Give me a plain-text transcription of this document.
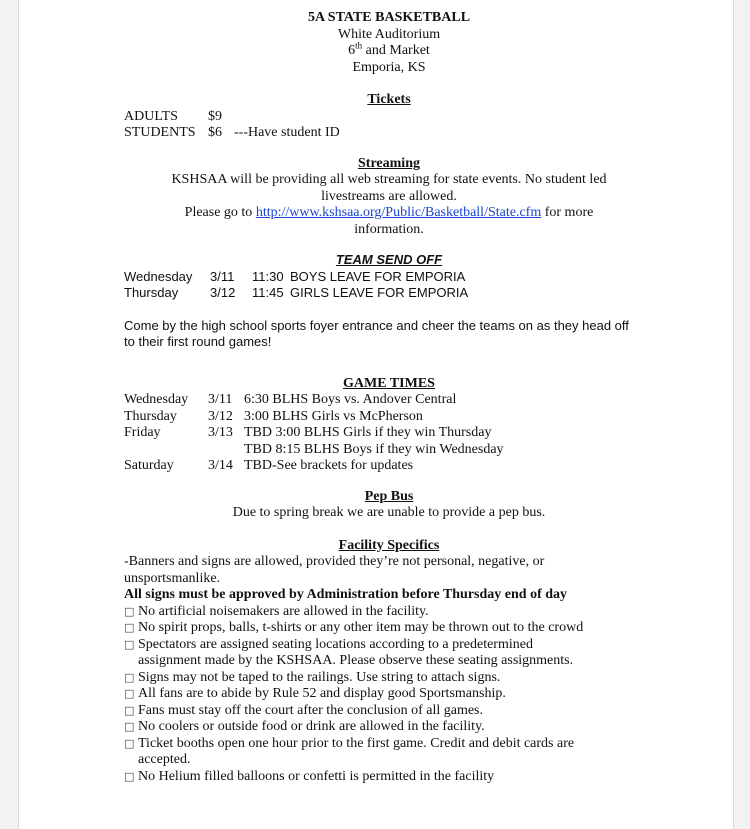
5A STATE BASKETBALL
White Auditorium
6th and Market
Emporia, KS
Tickets
ADULTS	$9
STUDENTS $6 ---Have student ID
Streaming
KSHSAA will be providing all web streaming for state events. No student led livestreams are allowed.
Please go to http://www.kshsaa.org/Public/Basketball/State.cfm for more information.
TEAM SEND OFF
Wednesday	3/11	11:30 BOYS LEAVE FOR EMPORIA
Thursday	3/12	11:45 GIRLS LEAVE FOR EMPORIA
Come by the high school sports foyer entrance and cheer the teams on as they head off to their first round games!
GAME TIMES
Wednesday	3/11 6:30 BLHS Boys vs. Andover Central
Thursday	3/12 3:00 BLHS Girls vs McPherson
Friday	3/13 TBD 3:00 BLHS Girls if they win Thursday
TBD 8:15 BLHS Boys if they win Wednesday
Saturday	3/14 TBD-See brackets for updates
Pep Bus
Due to spring break we are unable to provide a pep bus.
Facility Specifics
-Banners and signs are allowed, provided they’re not personal, negative, or unsportsmanlike.
All signs must be approved by Administration before Thursday end of day
□ No artificial noisemakers are allowed in the facility.
□ No spirit props, balls, t-shirts or any other item may be thrown out to the crowd
□ Spectators are assigned seating locations according to a predetermined assignment made by the KSHSAA. Please observe these seating assignments.
□ Signs may not be taped to the railings. Use string to attach signs.
□ All fans are to abide by Rule 52 and display good Sportsmanship.
□ Fans must stay off the court after the conclusion of all games.
□ No coolers or outside food or drink are allowed in the facility.
□ Ticket booths open one hour prior to the first game. Credit and debit cards are accepted.
□ No Helium filled balloons or confetti is permitted in the facility
